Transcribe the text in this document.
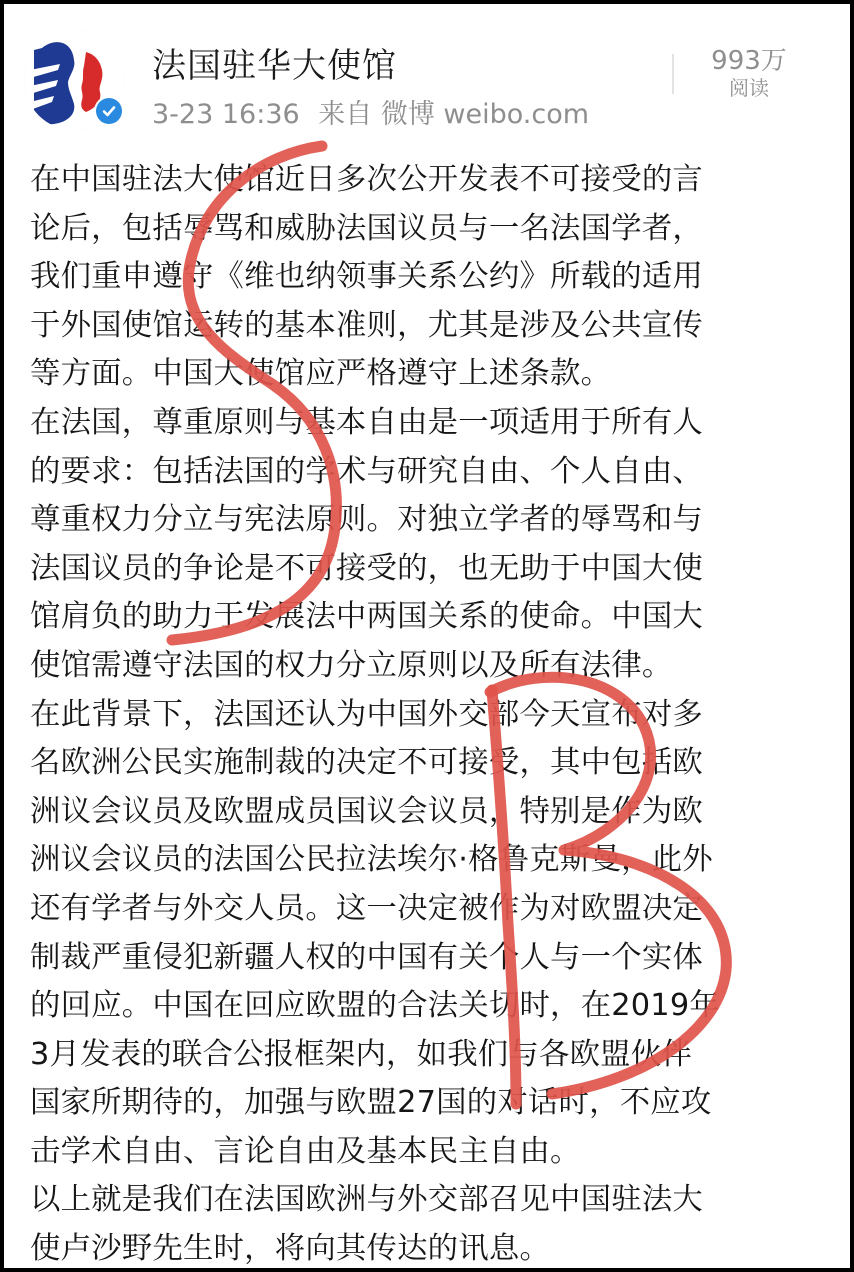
法国驻华大使馆
3-23 16:36 来自 微博 weibo.com
993万
阅读

在中国驻法大使馆近日多次公开发表不可接受的言

论后，包括辱骂和威胁法国议员与一名法国学者，

我们重申遵守《维也纳领事关系公约》所载的适用

于外国使馆运转的基本准则，尤其是涉及公共宣传

等方面。中国大使馆应严格遵守上述条款。

在法国，尊重原则与基本自由是一项适用于所有人

的要求：包括法国的学术与研究自由、个人自由、

尊重权力分立与宪法原则。对独立学者的辱骂和与

法国议员的争论是不可接受的，也无助于中国大使

馆肩负的助力于发展法中两国关系的使命。中国大

使馆需遵守法国的权力分立原则以及所有法律。

在此背景下，法国还认为中国外交部今天宣布对多

名欧洲公民实施制裁的决定不可接受，其中包括欧

洲议会议员及欧盟成员国议会议员，特别是作为欧

洲议会议员的法国公民拉法埃尔·格鲁克斯曼，此外

还有学者与外交人员。这一决定被作为对欧盟决定

制裁严重侵犯新疆人权的中国有关个人与一个实体

的回应。中国在回应欧盟的合法关切时，在2019年

3月发表的联合公报框架内，如我们与各欧盟伙伴

国家所期待的，加强与欧盟27国的对话时，不应攻

击学术自由、言论自由及基本民主自由。

以上就是我们在法国欧洲与外交部召见中国驻法大

使卢沙野先生时，将向其传达的讯息。
